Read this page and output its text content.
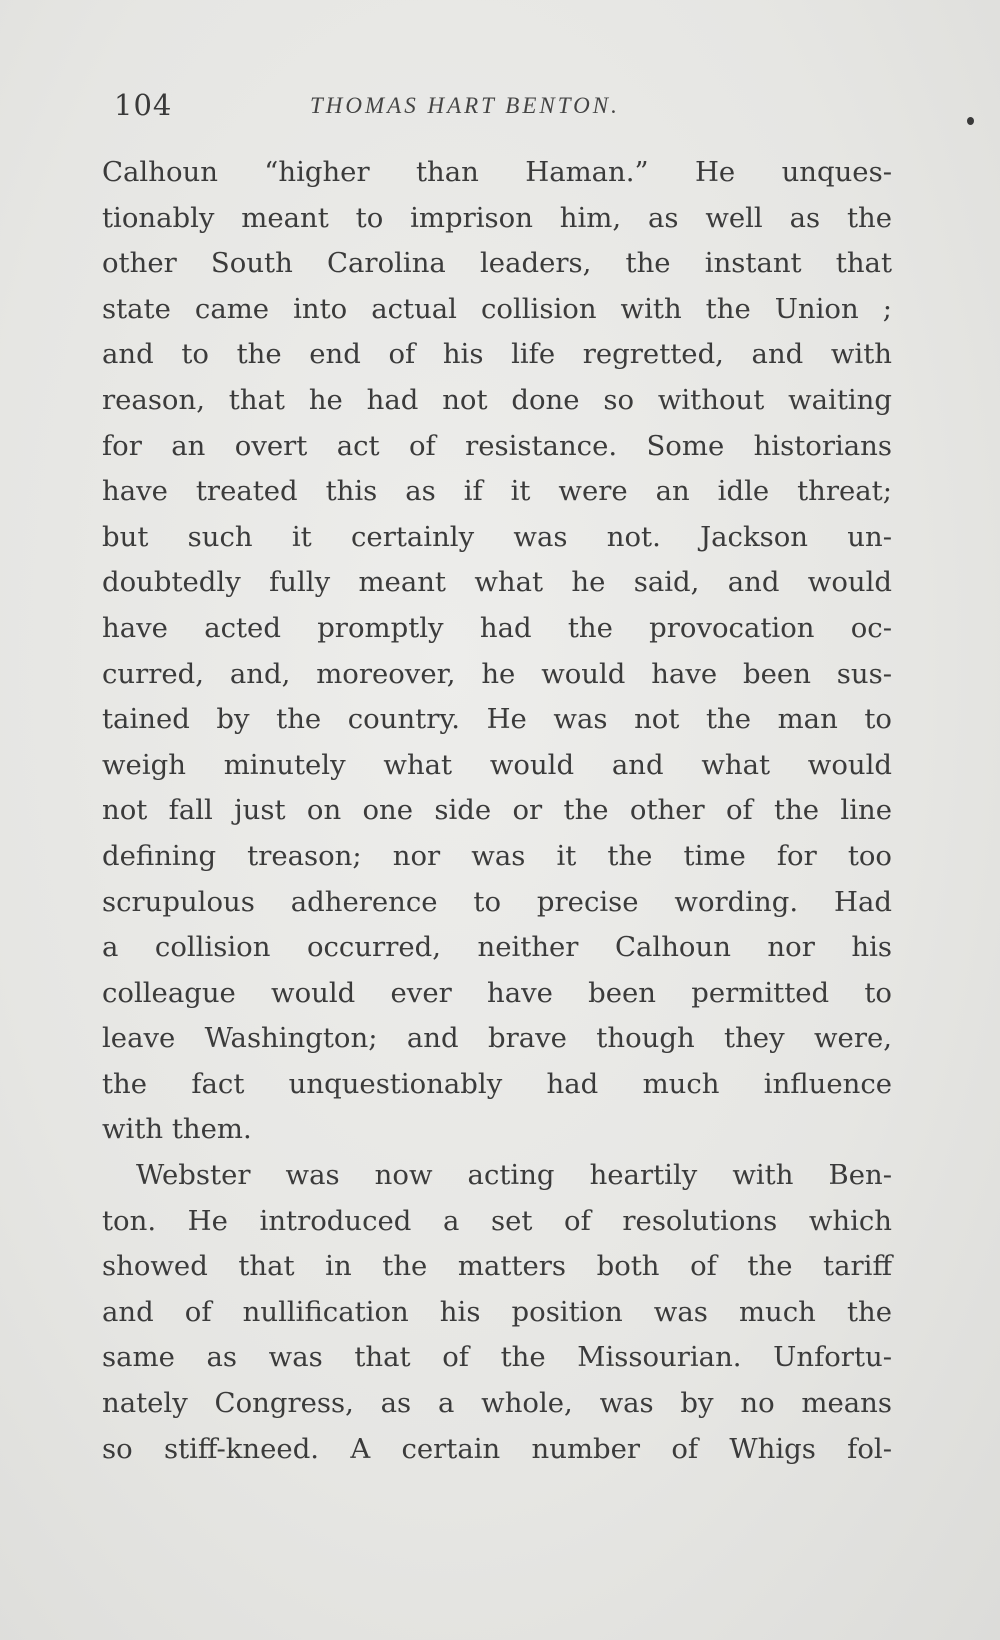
104	THOMAS HART BENTON.
Calhoun “higher than Haman.” He unques-
tionably meant to imprison him, as well as the
other South Carolina leaders, the instant that
state came into actual collision with the Union ;
and to the end of his life regretted, and with
reason, that he had not done so without waiting
for an overt act of resistance. Some historians
have treated this as if it were an idle threat;
but such it certainly was not. Jackson un-
doubtedly fully meant what he said, and would
have acted promptly had the provocation oc-
curred, and, moreover, he would have been sus-
tained by the country. He was not the man to
weigh minutely what would and what would
not fall just on one side or the other of the line
defining treason; nor was it the time for too
scrupulous adherence to precise wording. Had
a collision occurred, neither Calhoun nor his
colleague would ever have been permitted to
leave Washington; and brave though they were,
the fact unquestionably had much influence
with them.
Webster was now acting heartily with Ben-
ton. He introduced a set of resolutions which
showed that in the matters both of the tariff
and of nullification his position was much the
same as was that of the Missourian. Unfortu-
nately Congress, as a whole, was by no means
so stiff-kneed. A certain number of Whigs fol-
